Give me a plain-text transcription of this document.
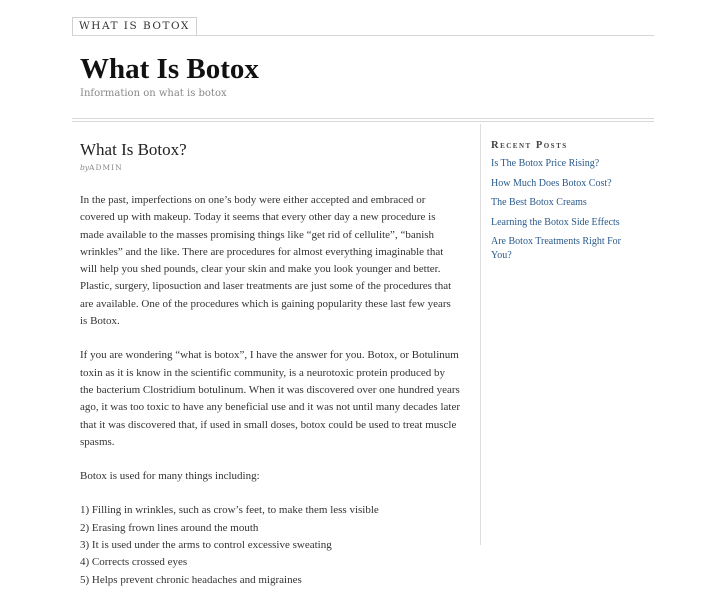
WHAT IS BOTOX
What Is Botox

Information on what is botox

What Is Botox?
byADMIN

In the past, imperfections on one’s body were either accepted and embraced or covered up with makeup. Today it seems that every other day a new procedure is made available to the masses promising things like “get rid of cellulite”, “banish wrinkles” and the like. There are procedures for almost everything imaginable that will help you shed pounds, clear your skin and make you look younger and better. Plastic, surgery, liposuction and laser treatments are just some of the procedures that are available. One of the procedures which is gaining popularity these last few years is Botox.

If you are wondering “what is botox”, I have the answer for you. Botox, or Botulinum toxin as it is know in the scientific community, is a neurotoxic protein produced by the bacterium Clostridium botulinum. When it was discovered over one hundred years ago, it was too toxic to have any beneficial use and it was not until many decades later that it was discovered that, if used in small doses, botox could be used to treat muscle spasms.

Botox is used for many things including:

1) Filling in wrinkles, such as crow’s feet, to make them less visible

2) Erasing frown lines around the mouth

3) It is used under the arms to control excessive sweating

4) Corrects crossed eyes

5) Helps prevent chronic headaches and migraines

Recent Posts
Is The Botox Price Rising?
How Much Does Botox Cost?
The Best Botox Creams
Learning the Botox Side Effects
Are Botox Treatments Right For You?
